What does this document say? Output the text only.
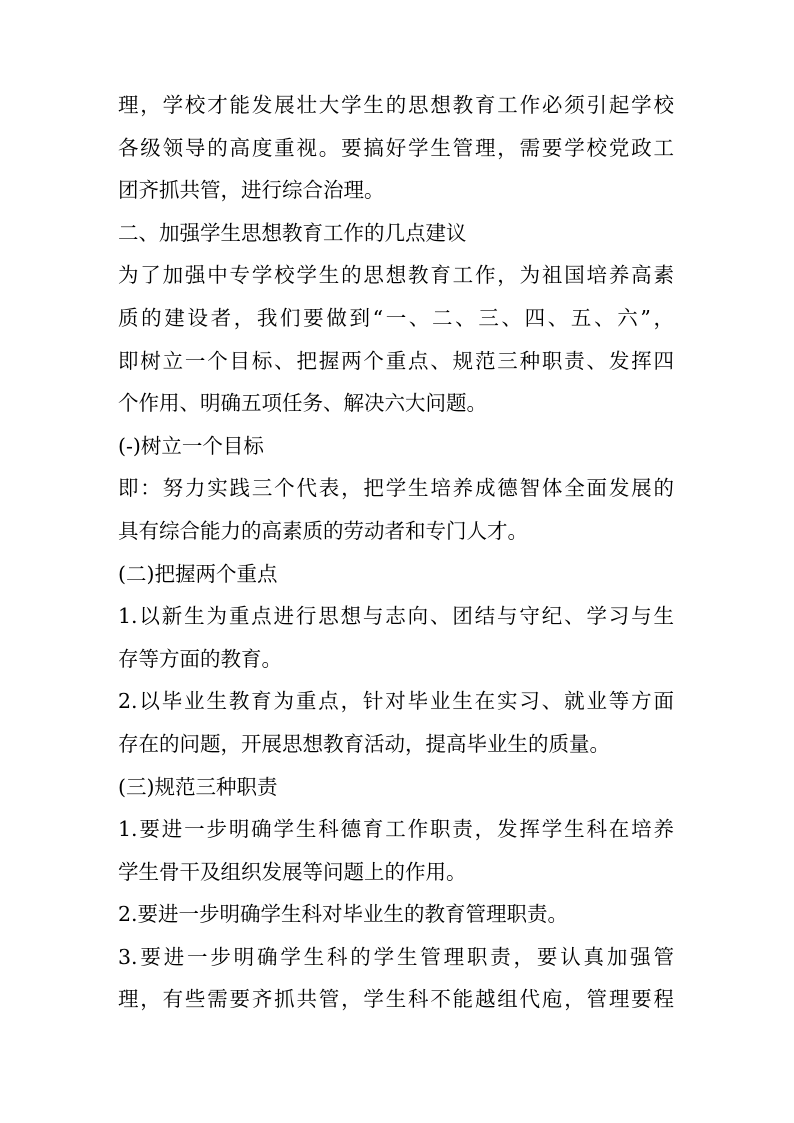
理，学校才能发展壮大学生的思想教育工作必须引起学校
各级领导的高度重视。要搞好学生管理，需要学校党政工
团齐抓共管，进行综合治理。
二、加强学生思想教育工作的几点建议
为了加强中专学校学生的思想教育工作，为祖国培养高素
质的建设者，我们要做到“一、二、三、四、五、六”，
即树立一个目标、把握两个重点、规范三种职责、发挥四
个作用、明确五项任务、解决六大问题。
(-)树立一个目标
即：努力实践三个代表，把学生培养成德智体全面发展的
具有综合能力的高素质的劳动者和专门人才。
(二)把握两个重点
1.以新生为重点进行思想与志向、团结与守纪、学习与生
存等方面的教育。
2.以毕业生教育为重点，针对毕业生在实习、就业等方面
存在的问题，开展思想教育活动，提高毕业生的质量。
(三)规范三种职责
1.要进一步明确学生科德育工作职责，发挥学生科在培养
学生骨干及组织发展等问题上的作用。
2.要进一步明确学生科对毕业生的教育管理职责。
3.要进一步明确学生科的学生管理职责，要认真加强管
理，有些需要齐抓共管，学生科不能越组代庖，管理要程
